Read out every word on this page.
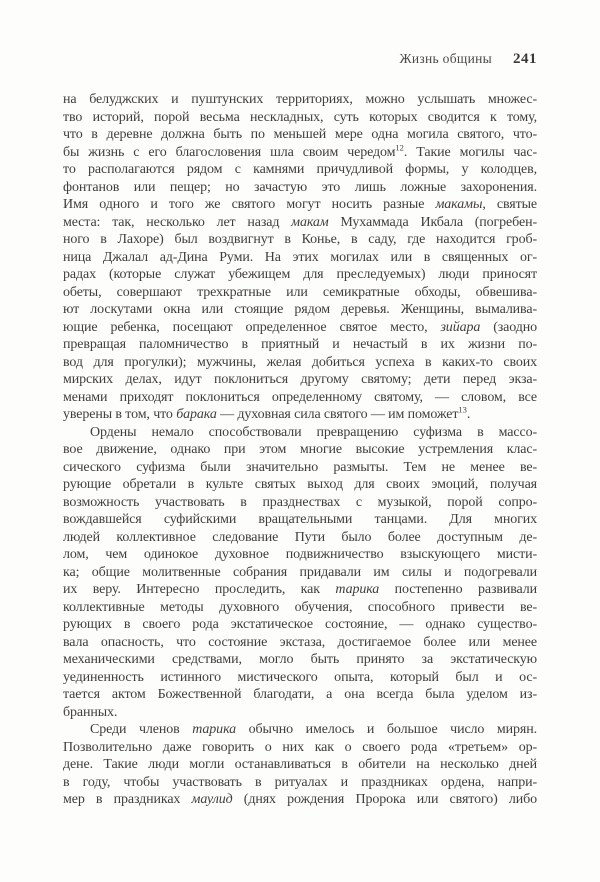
Жизнь общины 241
на белуджских и пуштунских территориях, можно услышать множес-
тво историй, порой весьма нескладных, суть которых сводится к тому,
что в деревне должна быть по меньшей мере одна могила святого, что-
бы жизнь с его благословения шла своим чередом$^{12}$. Такие могилы час-
то располагаются рядом с камнями причудливой формы, у колодцев,
фонтанов или пещер; но зачастую это лишь ложные захоронения.
Имя одного и того же святого могут носить разные макамы, святые
места: так, несколько лет назад макам Мухаммада Икбала (погребен-
ного в Лахоре) был воздвигнут в Конье, в саду, где находится гроб-
ница Джалал ад-Дина Руми. На этих могилах или в священных ог-
радах (которые служат убежищем для преследуемых) люди приносят
обеты, совершают трехкратные или семикратные обходы, обвешива-
ют лоскутами окна или стоящие рядом деревья. Женщины, вымалива-
ющие ребенка, посещают определенное святое место, зийара (заодно
превращая паломничество в приятный и нечастый в их жизни по-
вод для прогулки); мужчины, желая добиться успеха в каких-то своих
мирских делах, идут поклониться другому святому; дети перед экза-
менами приходят поклониться определенному святому, — словом, все
уверены в том, что барака — духовная сила святого — им поможет$^{13}$.
Ордены немало способствовали превращению суфизма в массо-
вое движение, однако при этом многие высокие устремления клас-
сического суфизма были значительно размыты. Тем не менее ве-
рующие обретали в культе святых выход для своих эмоций, получая
возможность участвовать в празднествах с музыкой, порой сопро-
вождавшейся суфийскими вращательными танцами. Для многих
людей коллективное следование Пути было более доступным де-
лом, чем одинокое духовное подвижничество взыскующего мисти-
ка; общие молитвенные собрания придавали им силы и подогревали
их веру. Интересно проследить, как тарика постепенно развивали
коллективные методы духовного обучения, способного привести ве-
рующих в своего рода экстатическое состояние, — однако существо-
вала опасность, что состояние экстаза, достигаемое более или менее
механическими средствами, могло быть принято за экстатическую
уединенность истинного мистического опыта, который был и ос-
тается актом Божественной благодати, а она всегда была уделом из-
бранных.
Среди членов тарика обычно имелось и большое число мирян.
Позволительно даже говорить о них как о своего рода «третьем» ор-
дене. Такие люди могли останавливаться в обители на несколько дней
в году, чтобы участвовать в ритуалах и праздниках ордена, напри-
мер в праздниках маулид (днях рождения Пророка или святого) либо
